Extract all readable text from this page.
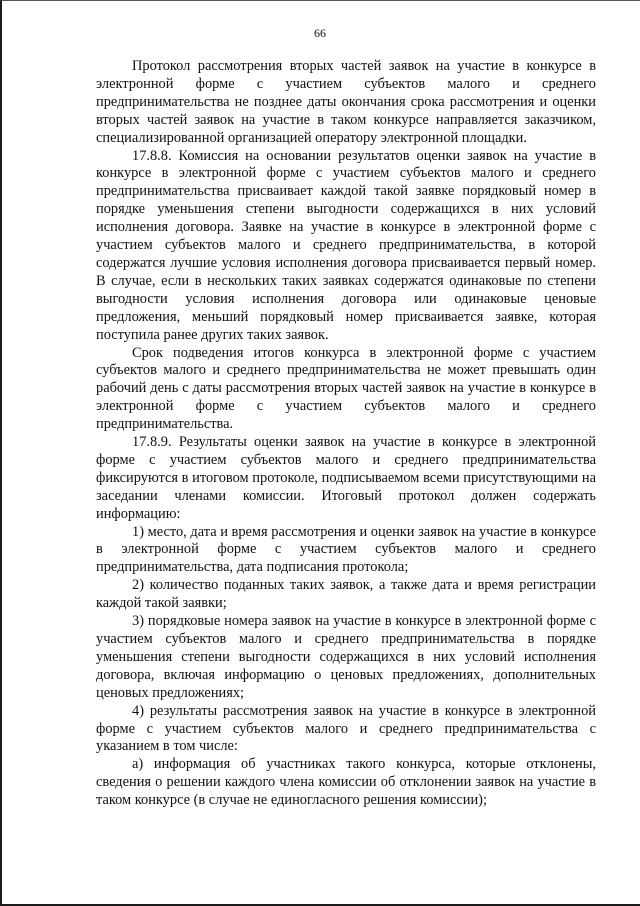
66

Протокол рассмотрения вторых частей заявок на участие в конкурсе в электронной форме с участием субъектов малого и среднего предпринимательства не позднее даты окончания срока рассмотрения и оценки вторых частей заявок на участие в таком конкурсе направляется заказчиком, специализированной организацией оператору электронной площадки.

17.8.8. Комиссия на основании результатов оценки заявок на участие в конкурсе в электронной форме с участием субъектов малого и среднего предпринимательства присваивает каждой такой заявке порядковый номер в порядке уменьшения степени выгодности содержащихся в них условий исполнения договора. Заявке на участие в конкурсе в электронной форме с участием субъектов малого и среднего предпринимательства, в которой содержатся лучшие условия исполнения договора присваивается первый номер. В случае, если в нескольких таких заявках содержатся одинаковые по степени выгодности условия исполнения договора или одинаковые ценовые предложения, меньший порядковый номер присваивается заявке, которая поступила ранее других таких заявок.

Срок подведения итогов конкурса в электронной форме с участием субъектов малого и среднего предпринимательства не может превышать один рабочий день с даты рассмотрения вторых частей заявок на участие в конкурсе в электронной форме с участием субъектов малого и среднего предпринимательства.

17.8.9. Результаты оценки заявок на участие в конкурсе в электронной форме с участием субъектов малого и среднего предпринимательства фиксируются в итоговом протоколе, подписываемом всеми присутствующими на заседании членами комиссии. Итоговый протокол должен содержать информацию:

1) место, дата и время рассмотрения и оценки заявок на участие в конкурсе в электронной форме с участием субъектов малого и среднего предпринимательства, дата подписания протокола;

2) количество поданных таких заявок, а также дата и время регистрации каждой такой заявки;

3) порядковые номера заявок на участие в конкурсе в электронной форме с участием субъектов малого и среднего предпринимательства в порядке уменьшения степени выгодности содержащихся в них условий исполнения договора, включая информацию о ценовых предложениях, дополнительных ценовых предложениях;

4) результаты рассмотрения заявок на участие в конкурсе в электронной форме с участием субъектов малого и среднего предпринимательства с указанием в том числе:

а) информация об участниках такого конкурса, которые отклонены, сведения о решении каждого члена комиссии об отклонении заявок на участие в таком конкурсе (в случае не единогласного решения комиссии);
